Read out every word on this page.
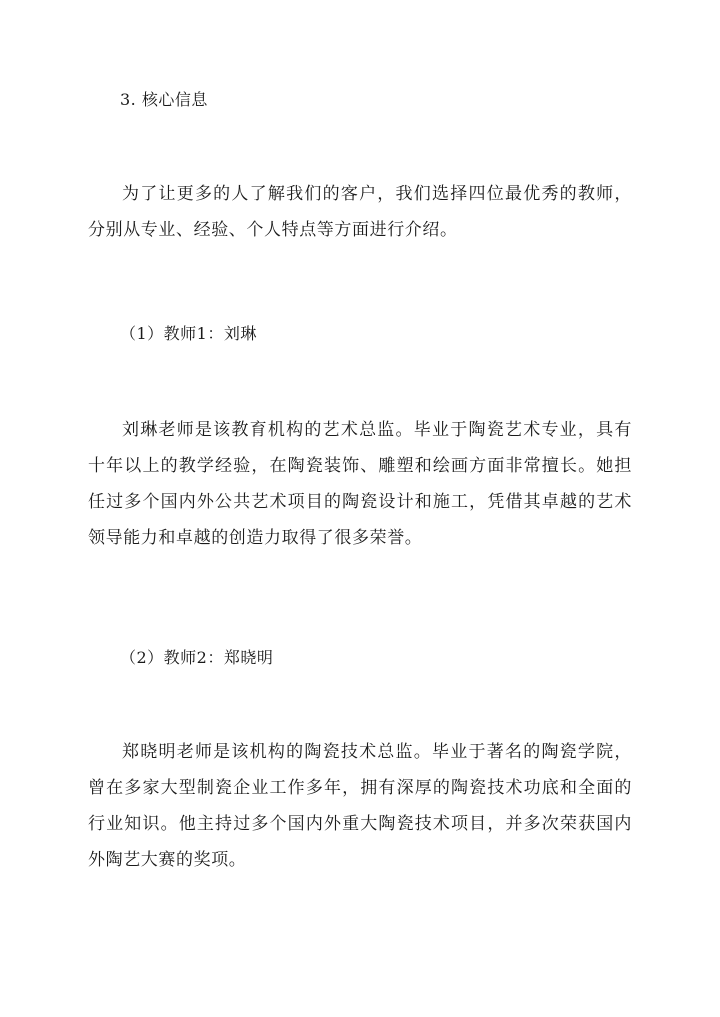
3. 核心信息

为了让更多的人了解我们的客户，我们选择四位最优秀的教师，分别从专业、经验、个人特点等方面进行介绍。

（1）教师1：刘琳

刘琳老师是该教育机构的艺术总监。毕业于陶瓷艺术专业，具有十年以上的教学经验，在陶瓷装饰、雕塑和绘画方面非常擅长。她担任过多个国内外公共艺术项目的陶瓷设计和施工，凭借其卓越的艺术领导能力和卓越的创造力取得了很多荣誉。

（2）教师2：郑晓明

郑晓明老师是该机构的陶瓷技术总监。毕业于著名的陶瓷学院，曾在多家大型制瓷企业工作多年，拥有深厚的陶瓷技术功底和全面的行业知识。他主持过多个国内外重大陶瓷技术项目，并多次荣获国内外陶艺大赛的奖项。
